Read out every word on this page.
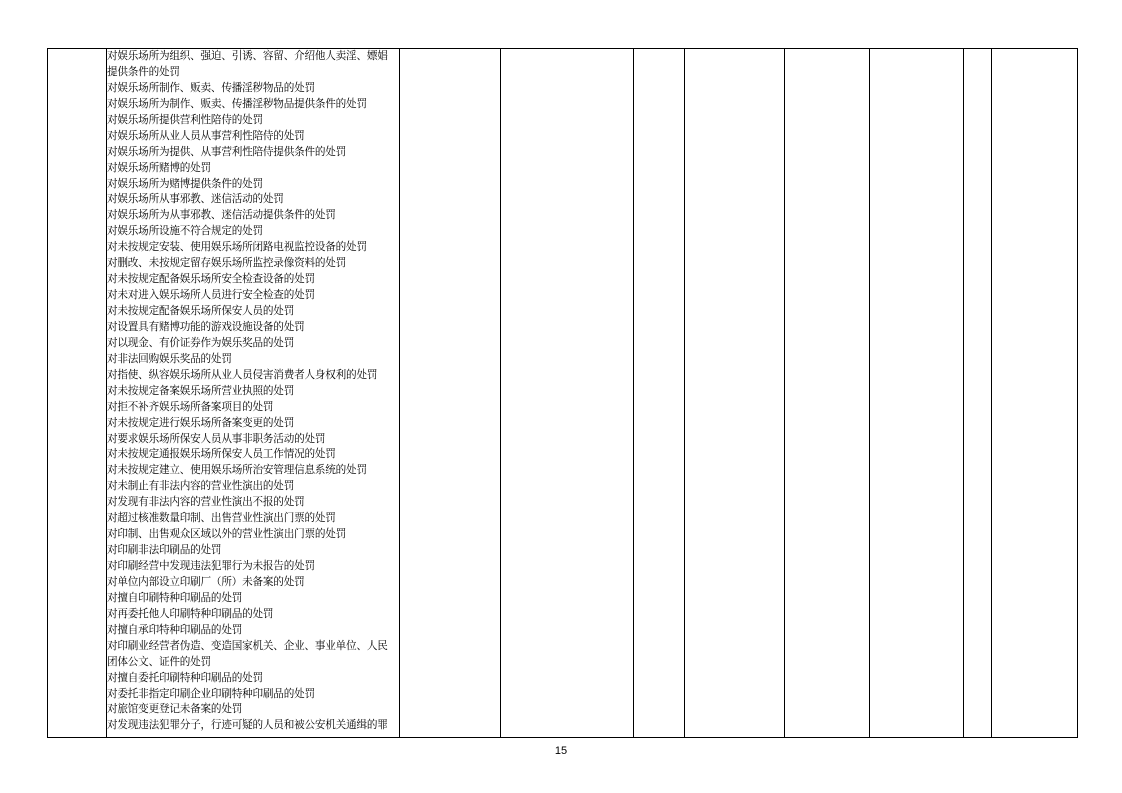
对娱乐场所为组织、强迫、引诱、容留、介绍他人卖淫、嫖娼
提供条件的处罚
对娱乐场所制作、贩卖、传播淫秽物品的处罚
对娱乐场所为制作、贩卖、传播淫秽物品提供条件的处罚
对娱乐场所提供营利性陪侍的处罚
对娱乐场所从业人员从事营利性陪侍的处罚
对娱乐场所为提供、从事营利性陪侍提供条件的处罚
对娱乐场所赌博的处罚
对娱乐场所为赌博提供条件的处罚
对娱乐场所从事邪教、迷信活动的处罚
对娱乐场所为从事邪教、迷信活动提供条件的处罚
对娱乐场所设施不符合规定的处罚
对未按规定安装、使用娱乐场所闭路电视监控设备的处罚
对删改、未按规定留存娱乐场所监控录像资料的处罚
对未按规定配备娱乐场所安全检查设备的处罚
对未对进入娱乐场所人员进行安全检查的处罚
对未按规定配备娱乐场所保安人员的处罚
对设置具有赌博功能的游戏设施设备的处罚
对以现金、有价证券作为娱乐奖品的处罚
对非法回购娱乐奖品的处罚
对指使、纵容娱乐场所从业人员侵害消费者人身权利的处罚
对未按规定备案娱乐场所营业执照的处罚
对拒不补齐娱乐场所备案项目的处罚
对未按规定进行娱乐场所备案变更的处罚
对要求娱乐场所保安人员从事非职务活动的处罚
对未按规定通报娱乐场所保安人员工作情况的处罚
对未按规定建立、使用娱乐场所治安管理信息系统的处罚
对未制止有非法内容的营业性演出的处罚
对发现有非法内容的营业性演出不报的处罚
对超过核准数量印制、出售营业性演出门票的处罚
对印制、出售观众区域以外的营业性演出门票的处罚
对印刷非法印刷品的处罚
对印刷经营中发现违法犯罪行为未报告的处罚
对单位内部设立印刷厂（所）未备案的处罚
对擅自印刷特种印刷品的处罚
对再委托他人印刷特种印刷品的处罚
对擅自承印特种印刷品的处罚
对印刷业经营者伪造、变造国家机关、企业、事业单位、人民
团体公文、证件的处罚
对擅自委托印刷特种印刷品的处罚
对委托非指定印刷企业印刷特种印刷品的处罚
对旅馆变更登记未备案的处罚
对发现违法犯罪分子，行迹可疑的人员和被公安机关通缉的罪

15
